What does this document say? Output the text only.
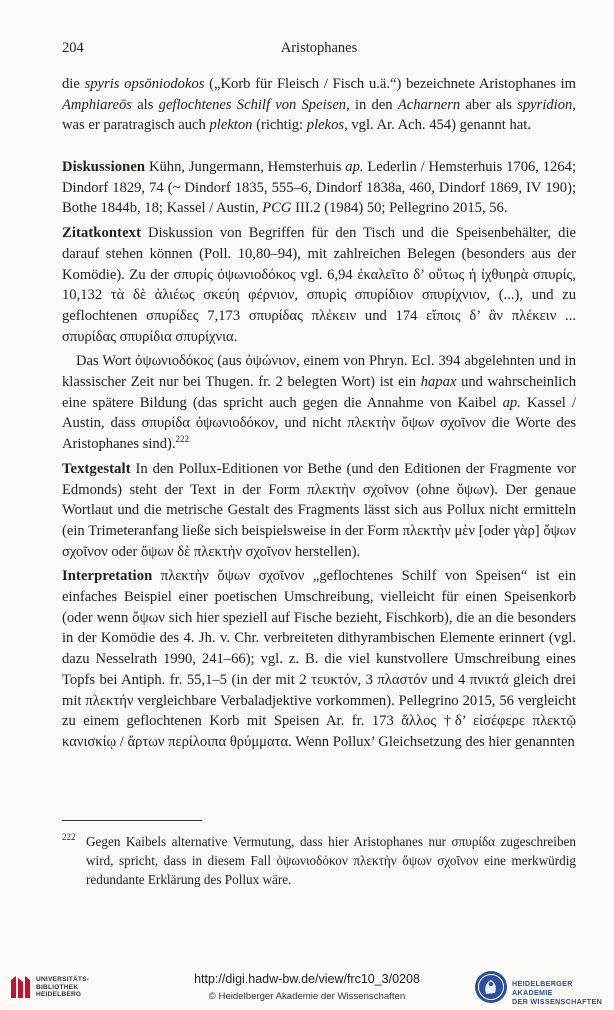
204	Aristophanes
die spyris opsōniodokos („Korb für Fleisch / Fisch u.ä.“) bezeichnete Aristophanes im Amphiareōs als geflochtenes Schilf von Speisen, in den Acharnern aber als spyridion, was er paratragisch auch plekton (richtig: plekos, vgl. Ar. Ach. 454) genannt hat.

Diskussionen Kühn, Jungermann, Hemsterhuis ap. Lederlin / Hemsterhuis 1706, 1264; Dindorf 1829, 74 (~ Dindorf 1835, 555–6, Dindorf 1838a, 460, Dindorf 1869, IV 190); Bothe 1844b, 18; Kassel / Austin, PCG III.2 (1984) 50; Pellegrino 2015, 56.

Zitatkontext Diskussion von Begriffen für den Tisch und die Speisenbehälter, die darauf stehen können (Poll. 10,80–94), mit zahlreichen Belegen (besonders aus der Komödie). Zu der σπυρίς ὀψωνιοδόκος vgl. 6,94 ἐκαλεῖτο δ’ οὕτως ἡ ἰχθυηρὰ σπυρίς, 10,132 τὰ δὲ ἁλιέως σκεύη φέρνιον, σπυρὶς σπυρίδιον σπυρίχνιον, (...), und zu geflochtenen σπυρίδες 7,173 σπυρίδας πλέκειν und 174 εἴποις δ’ ἂν πλέκειν ... σπυρίδας σπυρίδια σπυρίχνια.

Das Wort ὀψωνιοδόκος (aus ὀψώνιον, einem von Phryn. Ecl. 394 abgelehnten und in klassischer Zeit nur bei Thugen. fr. 2 belegten Wort) ist ein hapax und wahrscheinlich eine spätere Bildung (das spricht auch gegen die Annahme von Kaibel ap. Kassel / Austin, dass σπυρίδα ὀψωνιοδόκον, und nicht πλεκτὴν ὄψων σχοῖνον die Worte des Aristophanes sind).$^{222}$

Textgestalt In den Pollux-Editionen vor Bethe (und den Editionen der Fragmente vor Edmonds) steht der Text in der Form πλεκτὴν σχοῖνον (ohne ὄψων). Der genaue Wortlaut und die metrische Gestalt des Fragments lässt sich aus Pollux nicht ermitteln (ein Trimeteranfang ließe sich beispielsweise in der Form πλεκτὴν μὲν [oder γὰρ] ὄψων σχοῖνον oder ὄψων δὲ πλεκτὴν σχοῖνον herstellen).

Interpretation πλεκτὴν ὄψων σχοῖνον „geflochtenes Schilf von Speisen“ ist ein einfaches Beispiel einer poetischen Umschreibung, vielleicht für einen Speisenkorb (oder wenn ὄψων sich hier speziell auf Fische bezieht, Fischkorb), die an die besonders in der Komödie des 4. Jh. v. Chr. verbreiteten dithyrambischen Elemente erinnert (vgl. dazu Nesselrath 1990, 241–66); vgl. z. B. die viel kunstvollere Umschreibung eines Topfs bei Antiph. fr. 55,1–5 (in der mit 2 τευκτόν, 3 πλαστόν und 4 πνικτά gleich drei mit πλεκτήν vergleichbare Verbaladjektive vorkommen). Pellegrino 2015, 56 vergleicht zu einem geflochtenen Korb mit Speisen Ar. fr. 173 ἄλλος †δ’ εἰσέφερε πλεκτῷ κανισκίῳ / ἄρτων περίλοιπα θρύμματα. Wenn Pollux’ Gleichsetzung des hier genannten

222 Gegen Kaibels alternative Vermutung, dass hier Aristophanes nur σπυρίδα zugeschreiben wird, spricht, dass in diesem Fall ὀψωνιοδόκον πλεκτὴν ὄψων σχοῖνον eine merkwürdig redundante Erklärung des Pollux wäre.
UNIVERSITÄTS-
BIBLIOTHEK
HEIDELBERG
http://digi.hadw-bw.de/view/frc10_3/0208
© Heidelberger Akademie der Wissenschaften
HEIDELBERGER AKADEMIE
DER WISSENSCHAFTEN
